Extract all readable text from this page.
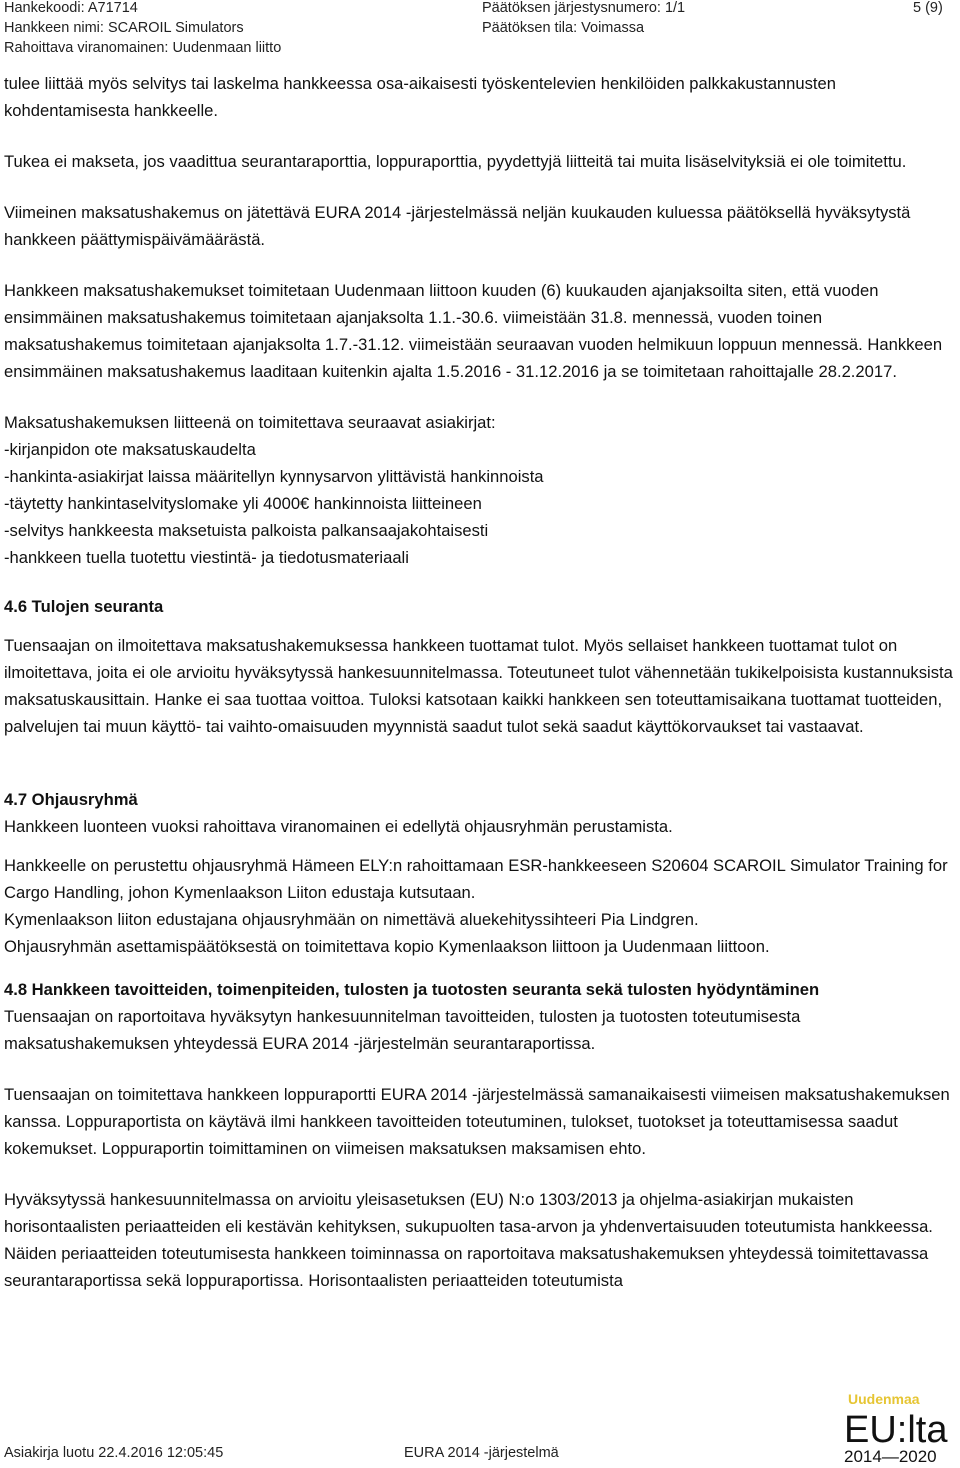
Hankekoodi: A71714
Hankkeen nimi: SCAROIL Simulators
Rahoittava viranomainen: Uudenmaan liitto
Päätöksen järjestysnumero: 1/1
Päätöksen tila: Voimassa
5 (9)

tulee liittää myös selvitys tai laskelma hankkeessa osa-aikaisesti työskentelevien henkilöiden palkkakustannusten kohdentamisesta hankkeelle.

Tukea ei makseta, jos vaadittua seurantaraporttia, loppuraporttia, pyydettyjä liitteitä tai muita lisäselvityksiä ei ole toimitettu.

Viimeinen maksatushakemus on jätettävä EURA 2014 -järjestelmässä neljän kuukauden kuluessa päätöksellä hyväksytystä hankkeen päättymispäivämäärästä.

Hankkeen maksatushakemukset toimitetaan Uudenmaan liittoon kuuden (6) kuukauden ajanjaksoilta siten, että vuoden ensimmäinen maksatushakemus toimitetaan ajanjaksolta 1.1.-30.6. viimeistään 31.8. mennessä, vuoden toinen maksatushakemus toimitetaan ajanjaksolta 1.7.-31.12. viimeistään seuraavan vuoden helmikuun loppuun mennessä. Hankkeen ensimmäinen maksatushakemus laaditaan kuitenkin ajalta 1.5.2016 - 31.12.2016 ja se toimitetaan rahoittajalle 28.2.2017.

Maksatushakemuksen liitteenä on toimitettava seuraavat asiakirjat:

-kirjanpidon ote maksatuskaudelta

-hankinta-asiakirjat laissa määritellyn kynnysarvon ylittävistä hankinnoista

-täytetty hankintaselvityslomake yli 4000€ hankinnoista liitteineen

-selvitys hankkeesta maksetuista palkoista palkansaajakohtaisesti

-hankkeen tuella tuotettu viestintä- ja tiedotusmateriaali

4.6 Tulojen seuranta

Tuensaajan on ilmoitettava maksatushakemuksessa hankkeen tuottamat tulot. Myös sellaiset hankkeen tuottamat tulot on ilmoitettava, joita ei ole arvioitu hyväksytyssä hankesuunnitelmassa. Toteutuneet tulot vähennetään tukikelpoisista kustannuksista maksatuskausittain. Hanke ei saa tuottaa voittoa. Tuloksi katsotaan kaikki hankkeen sen toteuttamisaikana tuottamat tuotteiden, palvelujen tai muun käyttö- tai vaihto-omaisuuden myynnistä saadut tulot sekä saadut käyttökorvaukset tai vastaavat.

4.7 Ohjausryhmä

Hankkeen luonteen vuoksi rahoittava viranomainen ei edellytä ohjausryhmän perustamista.

Hankkeelle on perustettu ohjausryhmä Hämeen ELY:n rahoittamaan ESR-hankkeeseen S20604 SCAROIL Simulator Training for Cargo Handling, johon Kymenlaakson Liiton edustaja kutsutaan.

Kymenlaakson liiton edustajana ohjausryhmään on nimettävä aluekehityssihteeri Pia Lindgren.

Ohjausryhmän asettamispäätöksestä on toimitettava kopio Kymenlaakson liittoon ja Uudenmaan liittoon.

4.8 Hankkeen tavoitteiden, toimenpiteiden, tulosten ja tuotosten seuranta sekä tulosten hyödyntäminen

Tuensaajan on raportoitava hyväksytyn hankesuunnitelman tavoitteiden, tulosten ja tuotosten toteutumisesta maksatushakemuksen yhteydessä EURA 2014 -järjestelmän seurantaraportissa.

Tuensaajan on toimitettava hankkeen loppuraportti EURA 2014 -järjestelmässä samanaikaisesti viimeisen maksatushakemuksen kanssa. Loppuraportista on käytävä ilmi hankkeen tavoitteiden toteutuminen, tulokset, tuotokset ja toteuttamisessa saadut kokemukset. Loppuraportin toimittaminen on viimeisen maksatuksen maksamisen ehto.

Hyväksytyssä hankesuunnitelmassa on arvioitu yleisasetuksen (EU) N:o 1303/2013 ja ohjelma-asiakirjan mukaisten horisontaalisten periaatteiden eli kestävän kehityksen, sukupuolten tasa-arvon ja yhdenvertaisuuden toteutumista hankkeessa. Näiden periaatteiden toteutumisesta hankkeen toiminnassa on raportoitava maksatushakemuksen yhteydessä toimitettavassa seurantaraportissa sekä loppuraportissa. Horisontaalisten periaatteiden toteutumista

Uudenmaa
EU:lta
2014—2020
Asiakirja luotu 22.4.2016 12:05:45	EURA 2014 -järjestelmä
